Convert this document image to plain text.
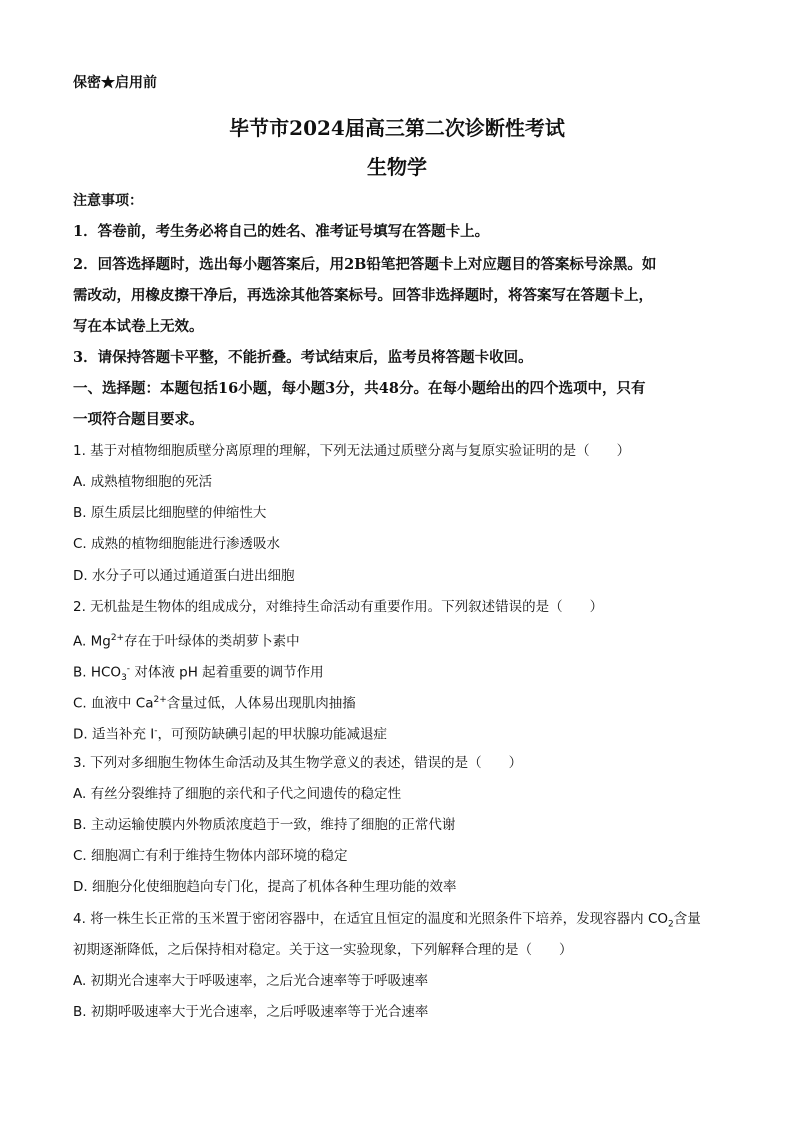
保密★启用前
毕节市2024届高三第二次诊断性考试
生物学
注意事项：
1．答卷前，考生务必将自己的姓名、准考证号填写在答题卡上。
2．回答选择题时，选出每小题答案后，用2B铅笔把答题卡上对应题目的答案标号涂黑。如
需改动，用橡皮擦干净后，再选涂其他答案标号。回答非选择题时，将答案写在答题卡上，
写在本试卷上无效。
3．请保持答题卡平整，不能折叠。考试结束后，监考员将答题卡收回。
一、选择题：本题包括16小题，每小题3分，共48分。在每小题给出的四个选项中，只有
一项符合题目要求。
1. 基于对植物细胞质壁分离原理的理解，下列无法通过质壁分离与复原实验证明的是（　　）
A. 成熟植物细胞的死活
B. 原生质层比细胞壁的伸缩性大
C. 成熟的植物细胞能进行渗透吸水
D. 水分子可以通过通道蛋白进出细胞
2. 无机盐是生物体的组成成分，对维持生命活动有重要作用。下列叙述错误的是（　　）
A. $Mg^{2+}$存在于叶绿体的类胡萝卜素中
B. $HCO_3^-$ 对体液 pH 起着重要的调节作用
C. 血液中 $Ca^{2+}$含量过低，人体易出现肌肉抽搐
D. 适当补充 I-，可预防缺碘引起的甲状腺功能减退症
3. 下列对多细胞生物体生命活动及其生物学意义的表述，错误的是（　　）
A. 有丝分裂维持了细胞的亲代和子代之间遗传的稳定性
B. 主动运输使膜内外物质浓度趋于一致，维持了细胞的正常代谢
C. 细胞凋亡有利于维持生物体内部环境的稳定
D. 细胞分化使细胞趋向专门化，提高了机体各种生理功能的效率
4. 将一株生长正常的玉米置于密闭容器中，在适宜且恒定的温度和光照条件下培养，发现容器内 $CO_2$含量
初期逐渐降低，之后保持相对稳定。关于这一实验现象，下列解释合理的是（　　）
A. 初期光合速率大于呼吸速率，之后光合速率等于呼吸速率
B. 初期呼吸速率大于光合速率，之后呼吸速率等于光合速率
